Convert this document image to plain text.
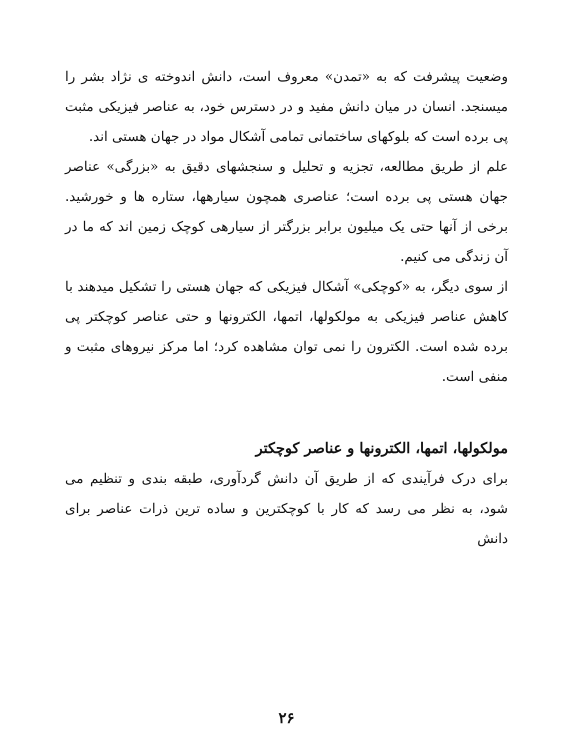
وضعیت پیشرفت که به «تمدن» معروف است، دانش اندوخته ی نژاد بشر را میسنجد. انسان در میان دانش مفید و در دسترس خود، به عناصر فیزیکی مثبت پی برده است که بلوکهای ساختمانی تمامی آشکال مواد در جهان هستی اند.

علم از طریق مطالعه، تجزیه و تحلیل و سنجشهای دقیق به «بزرگی» عناصر جهان هستی پی برده است؛ عناصری همچون سیارهها، ستاره ها و خورشید. برخی از آنها حتی یک میلیون برابر بزرگتر از سیارهی کوچک زمین اند که ما در آن زندگی می کنیم.

از سوی دیگر، به «کوچکی» آشکال فیزیکی که جهان هستی را تشکیل میدهند با کاهش عناصر فیزیکی به مولکولها، اتمها، الکترونها و حتی عناصر کوچکتر پی برده شده است. الکترون را نمی توان مشاهده کرد؛ اما مرکز نیروهای مثبت و منفی است.

مولکولها، اتمها، الکترونها و عناصر کوچکتر

برای درک فرآیندی که از طریق آن دانش گردآوری، طبقه بندی و تنظیم می شود، به نظر می رسد که کار با کوچکترین و ساده ترین ذرات عناصر برای دانش

۲۶
